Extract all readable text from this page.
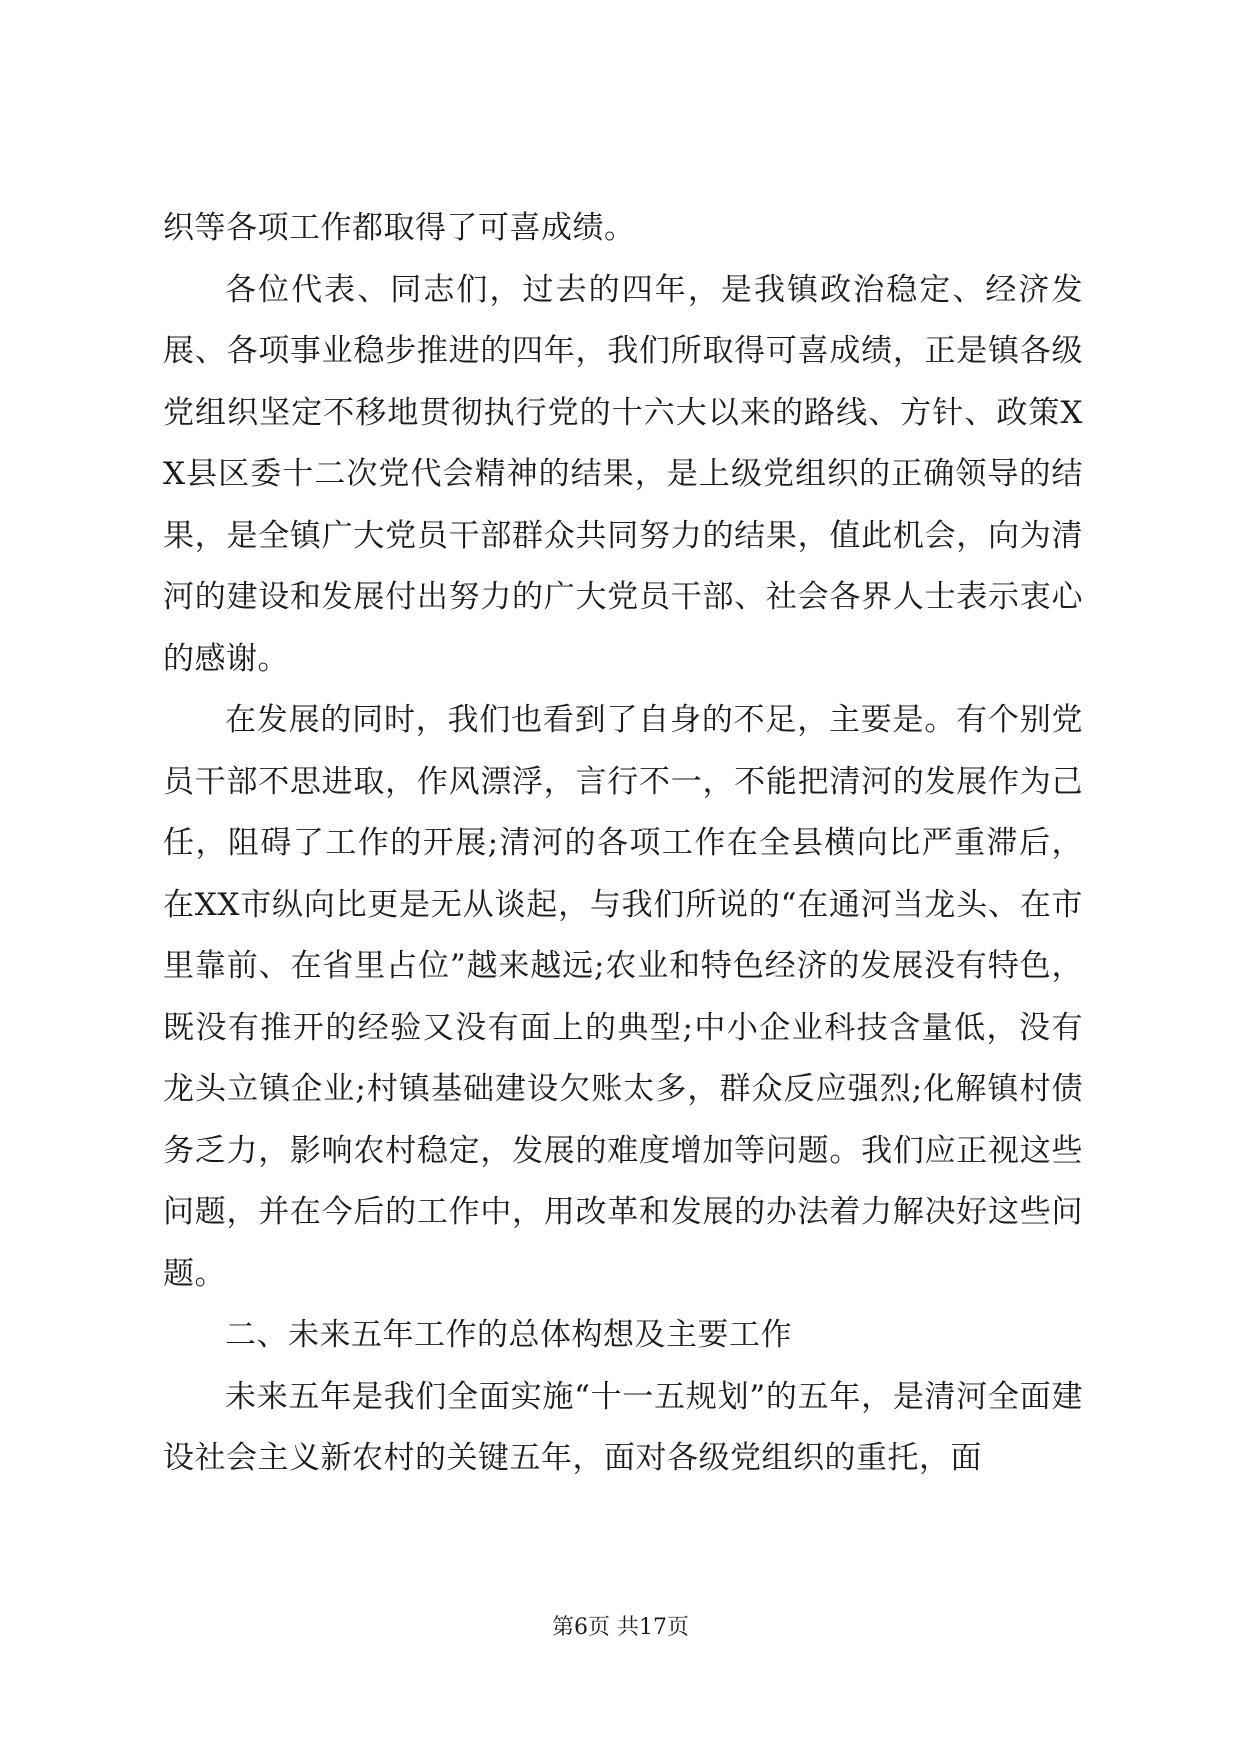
织等各项工作都取得了可喜成绩。

各位代表、同志们，过去的四年，是我镇政治稳定、经济发展、各项事业稳步推进的四年，我们所取得可喜成绩，正是镇各级党组织坚定不移地贯彻执行党的十六大以来的路线、方针、政策XX县区委十二次党代会精神的结果，是上级党组织的正确领导的结果，是全镇广大党员干部群众共同努力的结果，值此机会，向为清河的建设和发展付出努力的广大党员干部、社会各界人士表示衷心的感谢。

在发展的同时，我们也看到了自身的不足，主要是。有个别党员干部不思进取，作风漂浮，言行不一，不能把清河的发展作为己任，阻碍了工作的开展;清河的各项工作在全县横向比严重滞后，在XX市纵向比更是无从谈起，与我们所说的“在通河当龙头、在市里靠前、在省里占位”越来越远;农业和特色经济的发展没有特色，既没有推开的经验又没有面上的典型;中小企业科技含量低，没有龙头立镇企业;村镇基础建设欠账太多，群众反应强烈;化解镇村债务乏力，影响农村稳定，发展的难度增加等问题。我们应正视这些问题，并在今后的工作中，用改革和发展的办法着力解决好这些问题。

二、未来五年工作的总体构想及主要工作

未来五年是我们全面实施“十一五规划”的五年，是清河全面建设社会主义新农村的关键五年，面对各级党组织的重托，面

第6页 共17页
